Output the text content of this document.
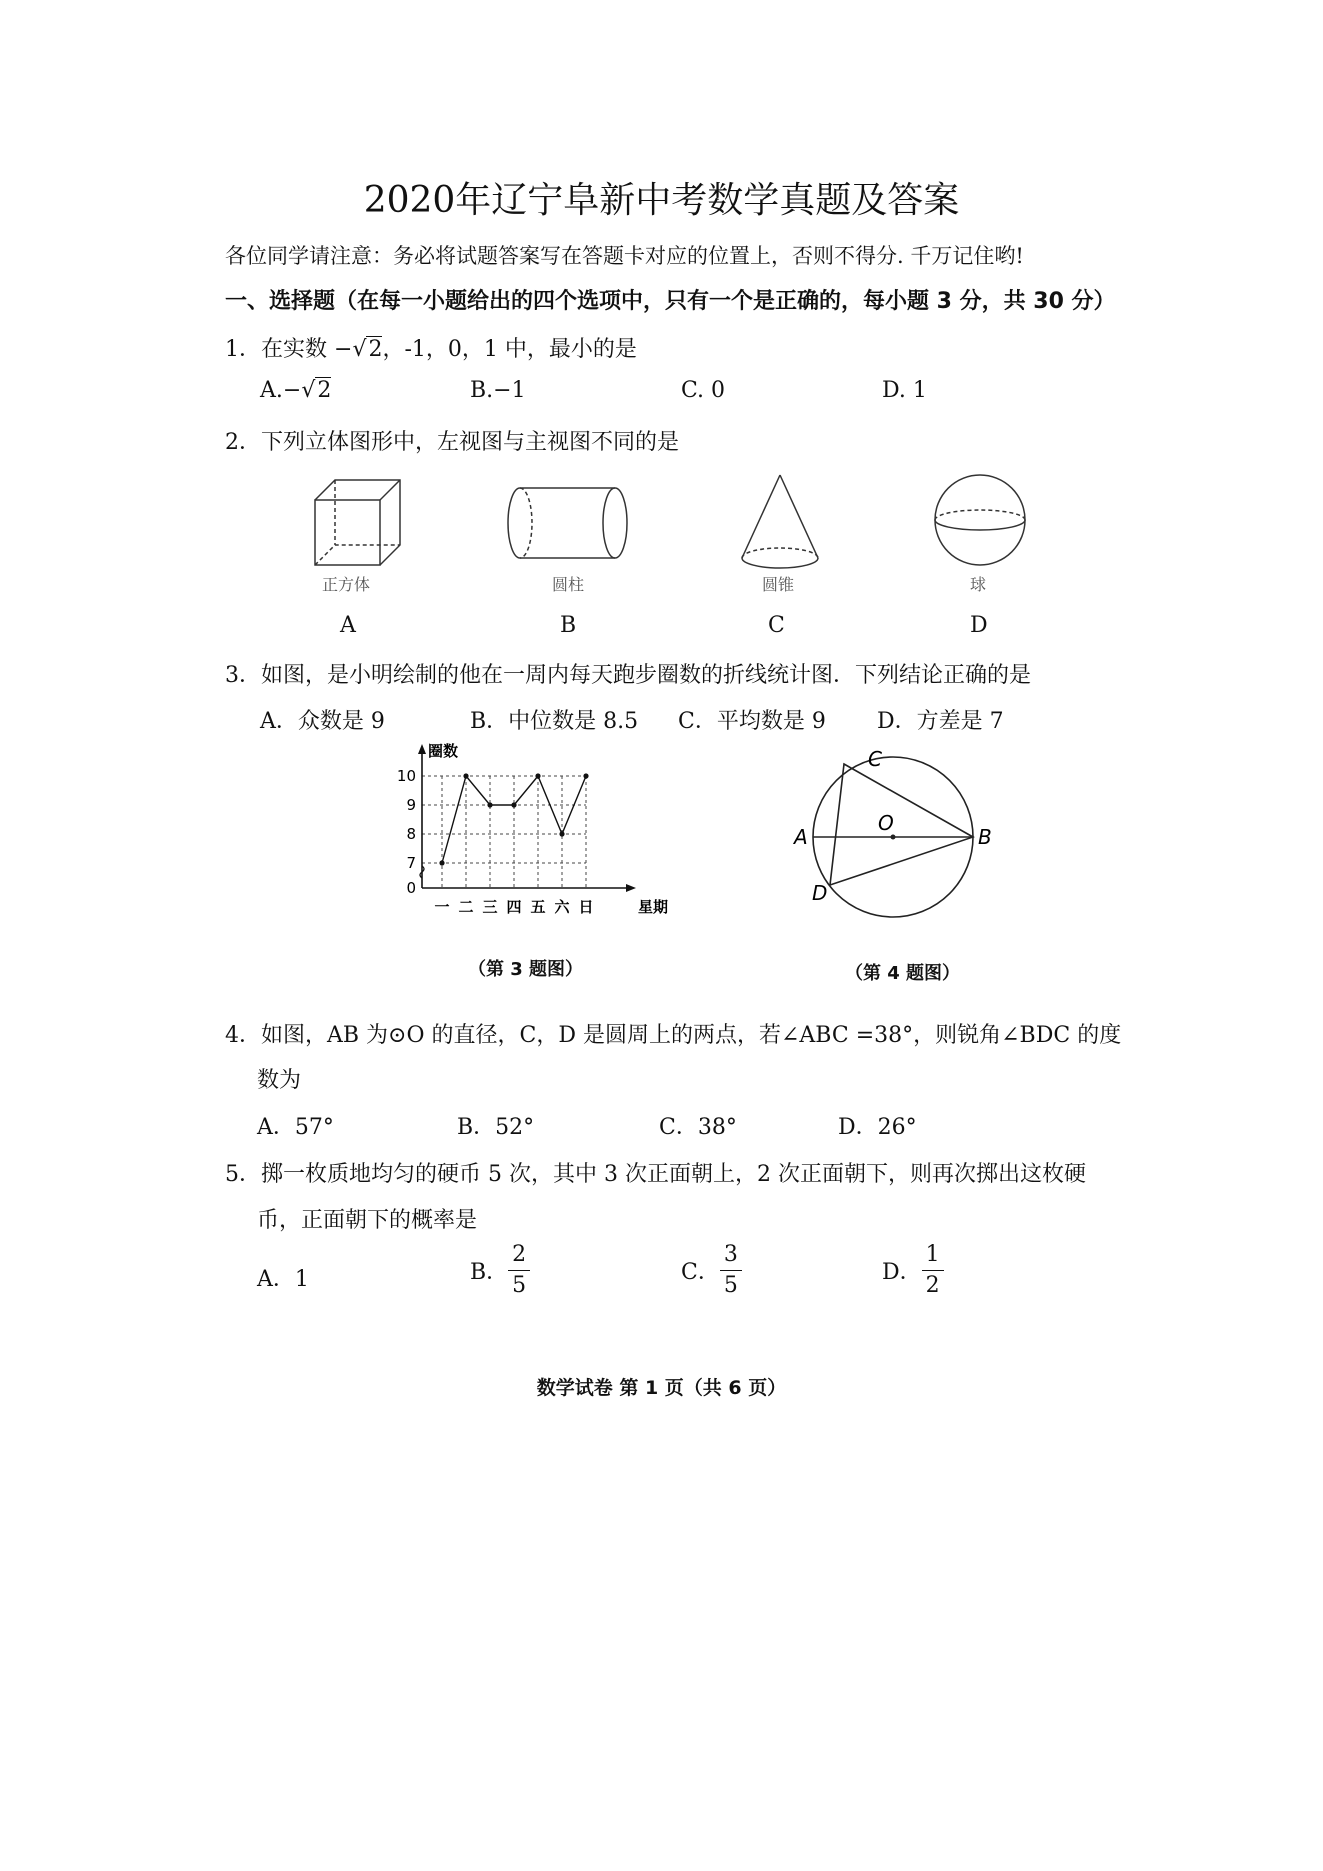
2020年辽宁阜新中考数学真题及答案
各位同学请注意：务必将试题答案写在答题卡对应的位置上，否则不得分. 千万记住哟!
一、选择题（在每一小题给出的四个选项中，只有一个是正确的，每小题 3 分，共 30 分）
1．在实数 −√2，-1，0，1 中，最小的是
A.−√2	B.−1	C. 0	D. 1
2．下列立体图形中，左视图与主视图不同的是
正方体	圆柱	圆锥	球
A	B	C	D
3．如图，是小明绘制的他在一周内每天跑步圈数的折线统计图．下列结论正确的是
A．众数是 9	B．中位数是 8.5 C．平均数是 9 D．方差是 7
圈数
星期
0
7
8
9
10
一 二 三 四 五 六 日
（第 3 题图）
C
A
O
B
D
（第 4 题图）
4．如图，AB 为⊙O 的直径，C，D 是圆周上的两点，若∠ABC =38°，则锐角∠BDC 的度
数为
A．57°	B．52°	C．38°	D．26°
5．掷一枚质地均匀的硬币 5 次，其中 3 次正面朝上，2 次正面朝下，则再次掷出这枚硬
币，正面朝下的概率是
A．1	B． $\frac{2}{5}$	C． $\frac{3}{5}$	D． $\frac{1}{2}$
数学试卷 第 1 页（共 6 页）
